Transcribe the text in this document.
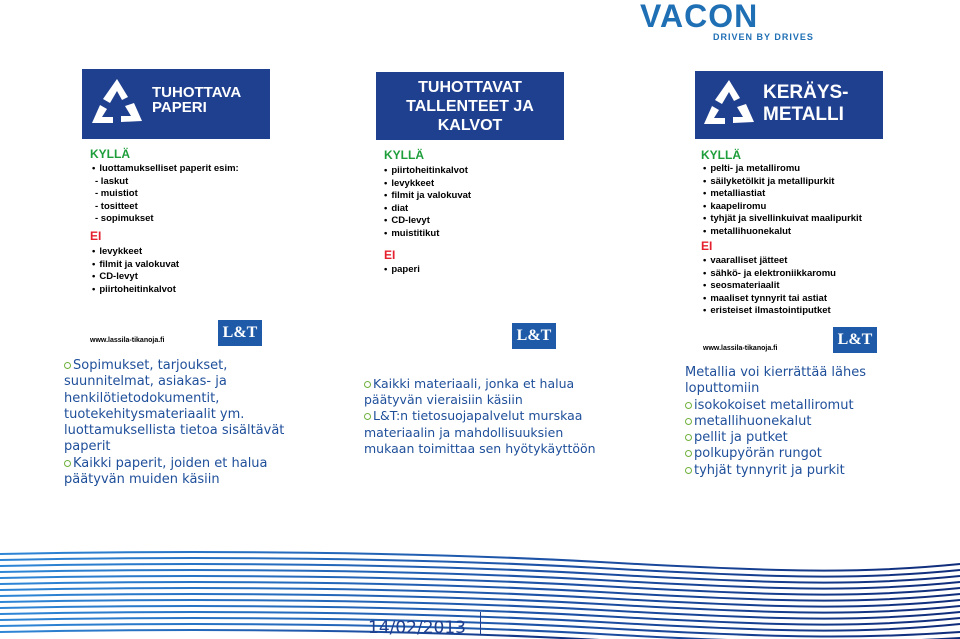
VACON
DRIVEN BY DRIVES
TUHOTTAVA
PAPERI
KYLLÄ
• luottamukselliset paperit esim:
- laskut
- muistiot
- tositteet
- sopimukset
EI
• levykkeet
• filmit ja valokuvat
• CD-levyt
• piirtoheitinkalvot
www.lassila-tikanoja.fi	L&T
TUHOTTAVAT
TALLENTEET JA
KALVOT
KYLLÄ
• piirtoheitinkalvot
• levykkeet
• filmit ja valokuvat
• diat
• CD-levyt
• muistitikut
EI
• paperi
L&T
KERÄYS-
METALLI
KYLLÄ
• pelti- ja metalliromu
• säilyketölkit ja metallipurkit
• metalliastiat
• kaapeliromu
• tyhjät ja sivellinkuivat maalipurkit
• metallihuonekalut
EI
• vaaralliset jätteet
• sähkö- ja elektroniikkaromu
• seosmateriaalit
• maaliset tynnyrit tai astiat
• eristeiset ilmastointiputket
www.lassila-tikanoja.fi
L&T
Sopimukset, tarjoukset,
suunnitelmat, asiakas- ja
henkilötietodokumentit,
tuotekehitysmateriaalit ym.
luottamuksellista tietoa sisältävät
paperit
Kaikki paperit, joiden et halua
päätyvän muiden käsiin
Kaikki materiaali, jonka et halua
päätyvän vieraisiin käsiin
L&T:n tietosuojapalvelut murskaa
materiaalin ja mahdollisuuksien
mukaan toimittaa sen hyötykäyttöön
Metallia voi kierrättää lähes
loputtomiin
isokokoiset metalliromut
metallihuonekalut
pellit ja putket
polkupyörän rungot
tyhjät tynnyrit ja purkit
14/02/2013
